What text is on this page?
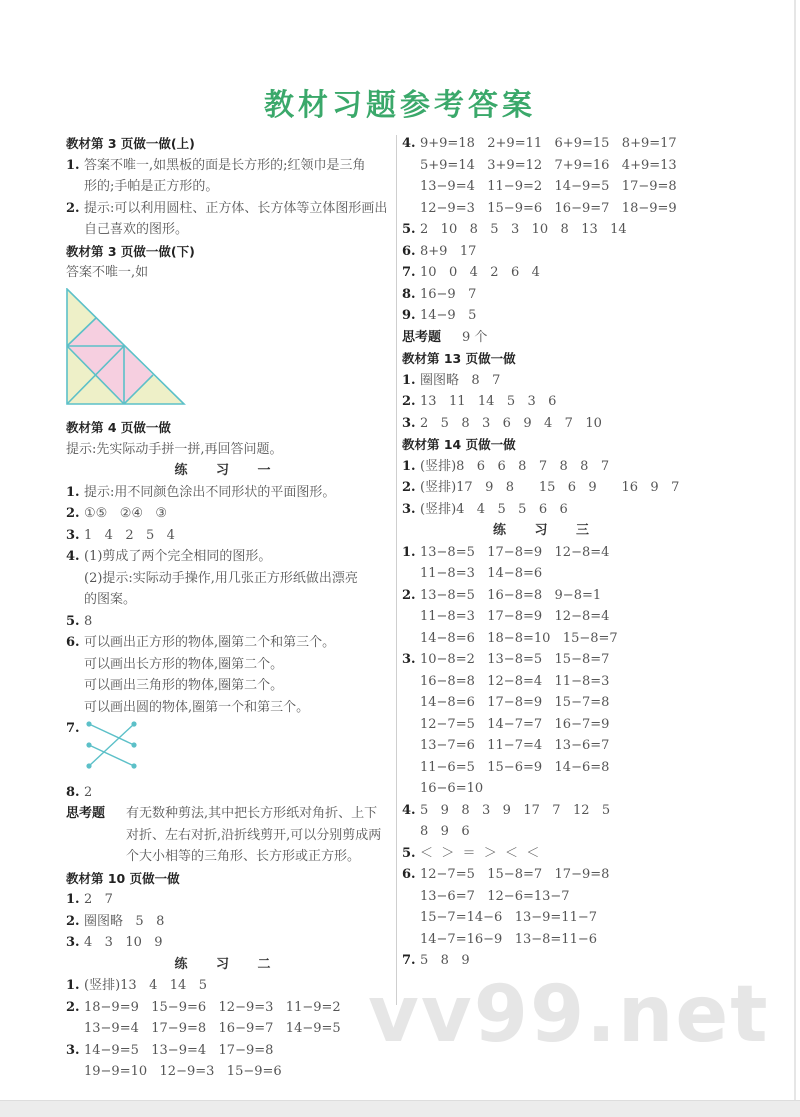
教材习题参考答案
教材第 3 页做一做(上)
1. 答案不唯一,如黑板的面是长方形的;红领巾是三角
形的;手帕是正方形的。
2. 提示:可以利用圆柱、正方体、长方体等立体图形画出
自己喜欢的图形。
教材第 3 页做一做(下)
答案不唯一,如
教材第 4 页做一做
提示:先实际动手拼一拼,再回答问题。
练 习 一
1. 提示:用不同颜色涂出不同形状的平面图形。
2. ①⑤   ②④   ③
3. 1   4   2   5   4
4. (1)剪成了两个完全相同的图形。
(2)提示:实际动手操作,用几张正方形纸做出漂亮
的图案。
5. 8
6. 可以画出正方形的物体,圈第二个和第三个。
可以画出长方形的物体,圈第二个。
可以画出三角形的物体,圈第二个。
可以画出圆的物体,圈第一个和第三个。
7.
8. 2
思考题	有无数种剪法,其中把长方形纸对角折、上下
对折、左右对折,沿折线剪开,可以分别剪成两
个大小相等的三角形、长方形或正方形。
教材第 10 页做一做
1. 2   7
2. 圈图略   5   8
3. 4   3   10   9
练 习 二
1. (竖排)13   4   14   5
2. 18−9=9   15−9=6   12−9=3   11−9=2
13−9=4   17−9=8   16−9=7   14−9=5
3. 14−9=5   13−9=4   17−9=8
19−9=10   12−9=3   15−9=6
4. 9+9=18   2+9=11   6+9=15   8+9=17
5+9=14   3+9=12   7+9=16   4+9=13
13−9=4   11−9=2   14−9=5   17−9=8
12−9=3   15−9=6   16−9=7   18−9=9
5. 2   10   8   5   3   10   8   13   14
6. 8+9   17
7. 10   0   4   2   6   4
8. 16−9   7
9. 14−9   5
思考题	9 个
教材第 13 页做一做
1. 圈图略   8   7
2. 13   11   14   5   3   6
3. 2   5   8   3   6   9   4   7   10
教材第 14 页做一做
1. (竖排)8   6   6   8   7   8   8   7
2. (竖排)17   9   8      15   6   9      16   9   7
3. (竖排)4   4   5   5   6   6
练 习 三
1. 13−8=5   17−8=9   12−8=4
11−8=3   14−8=6
2. 13−8=5   16−8=8   9−8=1
11−8=3   17−8=9   12−8=4
14−8=6   18−8=10   15−8=7
3. 10−8=2   13−8=5   15−8=7
16−8=8   12−8=4   11−8=3
14−8=6   17−8=9   15−7=8
12−7=5   14−7=7   16−7=9
13−7=6   11−7=4   13−6=7
11−6=5   15−6=9   14−6=8
16−6=10
4. 5   9   8   3   9   17   7   12   5
8   9   6
5. ＜  ＞  ＝  ＞  ＜  ＜
6. 12−7=5   15−8=7   17−9=8
13−6=7   12−6=13−7
15−7=14−6   13−9=11−7
14−7=16−9   13−8=11−6
7. 5   8   9
vv99.net
